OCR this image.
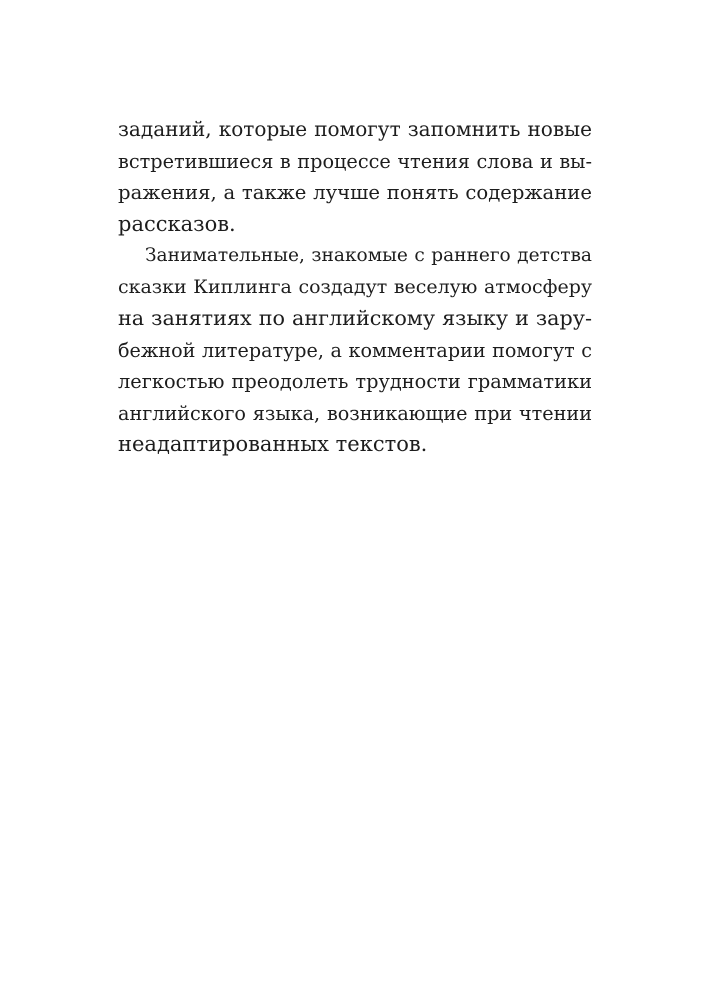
заданий, которые помогут запомнить новые
встретившиеся в процессе чтения слова и вы-
ражения, а также лучше понять содержание
рассказов.
Занимательные, знакомые с раннего детства
сказки Киплинга создадут веселую атмосферу
на занятиях по английскому языку и зару-
бежной литературе, а комментарии помогут с
легкостью преодолеть трудности грамматики
английского языка, возникающие при чтении
неадаптированных текстов.
